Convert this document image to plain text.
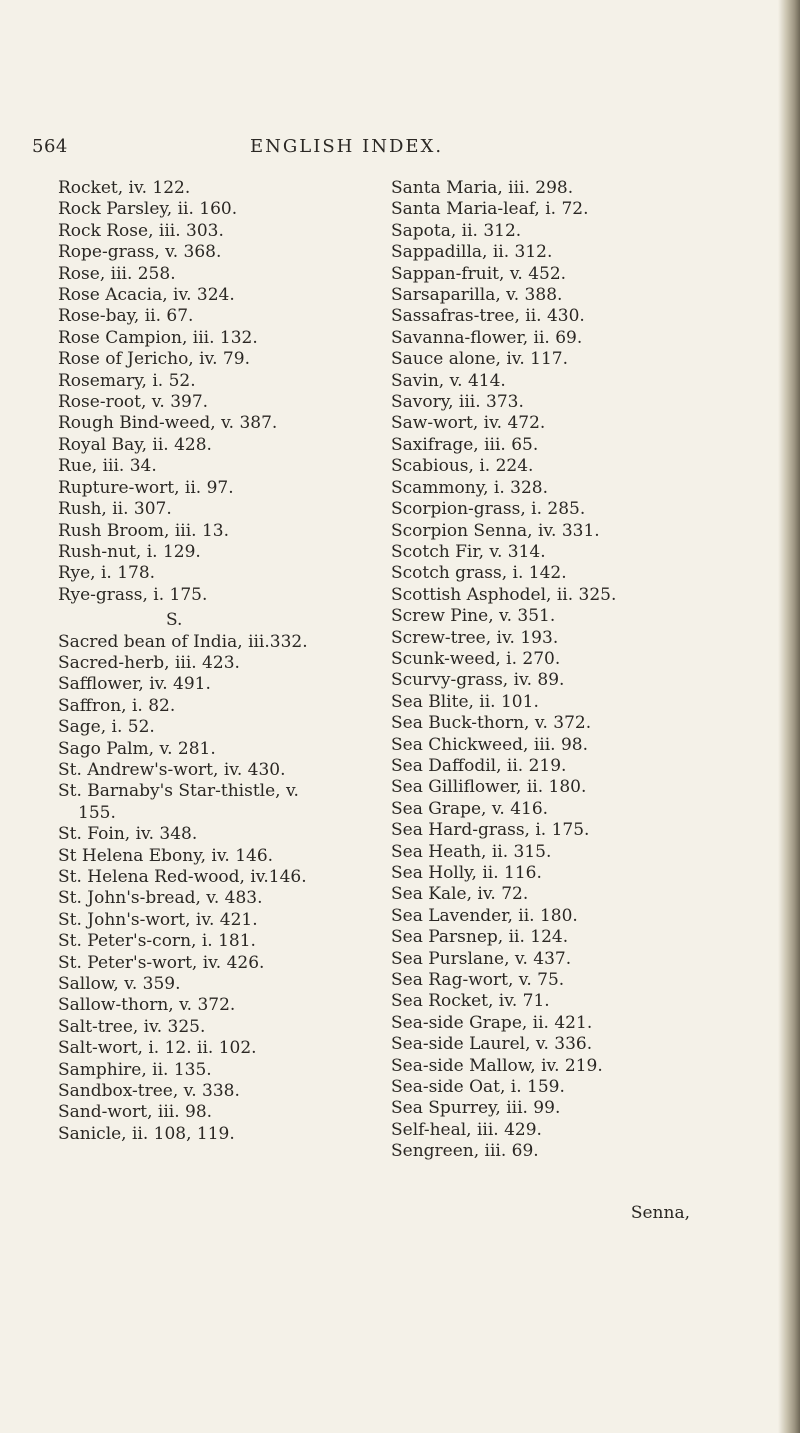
564	ENGLISH INDEX.
Rocket, iv. 122.
Rock Parsley, ii. 160.
Rock Rose, iii. 303.
Rope-grass, v. 368.
Rose, iii. 258.
Rose Acacia, iv. 324.
Rose-bay, ii. 67.
Rose Campion, iii. 132.
Rose of Jericho, iv. 79.
Rosemary, i. 52.
Rose-root, v. 397.
Rough Bind-weed, v. 387.
Royal Bay, ii. 428.
Rue, iii. 34.
Rupture-wort, ii. 97.
Rush, ii. 307.
Rush Broom, iii. 13.
Rush-nut, i. 129.
Rye, i. 178.
Rye-grass, i. 175.
S.
Sacred bean of India, iii.332.
Sacred-herb, iii. 423.
Safflower, iv. 491.
Saffron, i. 82.
Sage, i. 52.
Sago Palm, v. 281.
St. Andrew's-wort, iv. 430.
St. Barnaby's Star-thistle, v.
155.
St. Foin, iv. 348.
St Helena Ebony, iv. 146.
St. Helena Red-wood, iv.146.
St. John's-bread, v. 483.
St. John's-wort, iv. 421.
St. Peter's-corn, i. 181.
St. Peter's-wort, iv. 426.
Sallow, v. 359.
Sallow-thorn, v. 372.
Salt-tree, iv. 325.
Salt-wort, i. 12. ii. 102.
Samphire, ii. 135.
Sandbox-tree, v. 338.
Sand-wort, iii. 98.
Sanicle, ii. 108, 119.
Santa Maria, iii. 298.
Santa Maria-leaf, i. 72.
Sapota, ii. 312.
Sappadilla, ii. 312.
Sappan-fruit, v. 452.
Sarsaparilla, v. 388.
Sassafras-tree, ii. 430.
Savanna-flower, ii. 69.
Sauce alone, iv. 117.
Savin, v. 414.
Savory, iii. 373.
Saw-wort, iv. 472.
Saxifrage, iii. 65.
Scabious, i. 224.
Scammony, i. 328.
Scorpion-grass, i. 285.
Scorpion Senna, iv. 331.
Scotch Fir, v. 314.
Scotch grass, i. 142.
Scottish Asphodel, ii. 325.
Screw Pine, v. 351.
Screw-tree, iv. 193.
Scunk-weed, i. 270.
Scurvy-grass, iv. 89.
Sea Blite, ii. 101.
Sea Buck-thorn, v. 372.
Sea Chickweed, iii. 98.
Sea Daffodil, ii. 219.
Sea Gilliflower, ii. 180.
Sea Grape, v. 416.
Sea Hard-grass, i. 175.
Sea Heath, ii. 315.
Sea Holly, ii. 116.
Sea Kale, iv. 72.
Sea Lavender, ii. 180.
Sea Parsnep, ii. 124.
Sea Purslane, v. 437.
Sea Rag-wort, v. 75.
Sea Rocket, iv. 71.
Sea-side Grape, ii. 421.
Sea-side Laurel, v. 336.
Sea-side Mallow, iv. 219.
Sea-side Oat, i. 159.
Sea Spurrey, iii. 99.
Self-heal, iii. 429.
Sengreen, iii. 69.
Senna,
